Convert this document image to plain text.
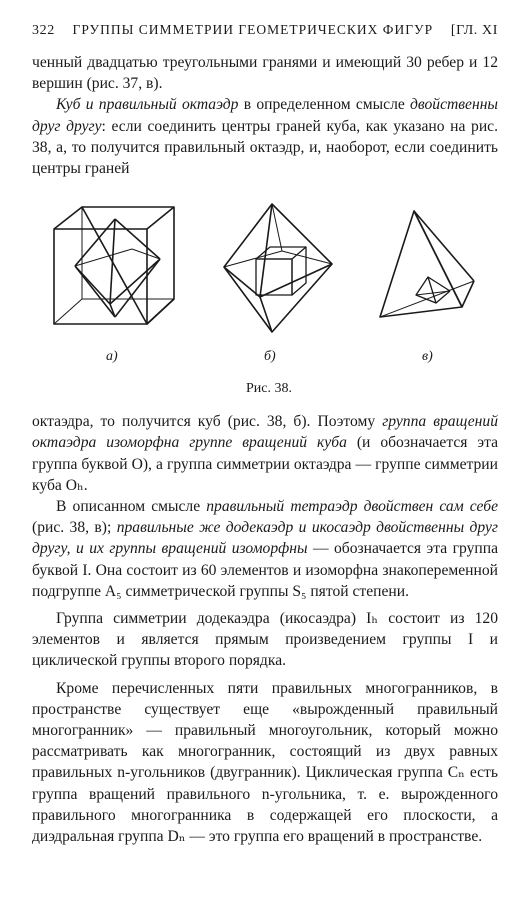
322 ГРУППЫ СИММЕТРИИ ГЕОМЕТРИЧЕСКИХ ФИГУР [ГЛ. XI

ченный двадцатью треугольными гранями и имеющий 30 ребер и 12 вершин (рис. 37, в).

Куб и правильный октаэдр в определенном смысле двойственны друг другу: если соединить центры граней куба, как указано на рис. 38, а, то получится правильный октаэдр, и, наоборот, если соединить центры граней

а)	б)	в)
Рис. 38.

октаэдра, то получится куб (рис. 38, б). Поэтому группа вращений октаэдра изоморфна группе вращений куба (и обозначается эта группа буквой O), а группа симметрии октаэдра — группе симметрии куба Oₕ.

В описанном смысле правильный тетраэдр двойствен сам себе (рис. 38, в); правильные же додекаэдр и икосаэдр двойственны друг другу, и их группы вращений изоморфны — обозначается эта группа буквой I. Она состоит из 60 элементов и изоморфна знакопеременной подгруппе A₅ симметрической группы S₅ пятой степени.

Группа симметрии додекаэдра (икосаэдра) Iₕ состоит из 120 элементов и является прямым произведением группы I и циклической группы второго порядка.

Кроме перечисленных пяти правильных многогранников, в пространстве существует еще «вырожденный правильный многогранник» — правильный многоугольник, который можно рассматривать как многогранник, состоящий из двух равных правильных n-угольников (двугранник). Циклическая группа Cₙ есть группа вращений правильного n-угольника, т. е. вырожденного правильного многогранника в содержащей его плоскости, а диэдральная группа Dₙ — это группа его вращений в пространстве.
